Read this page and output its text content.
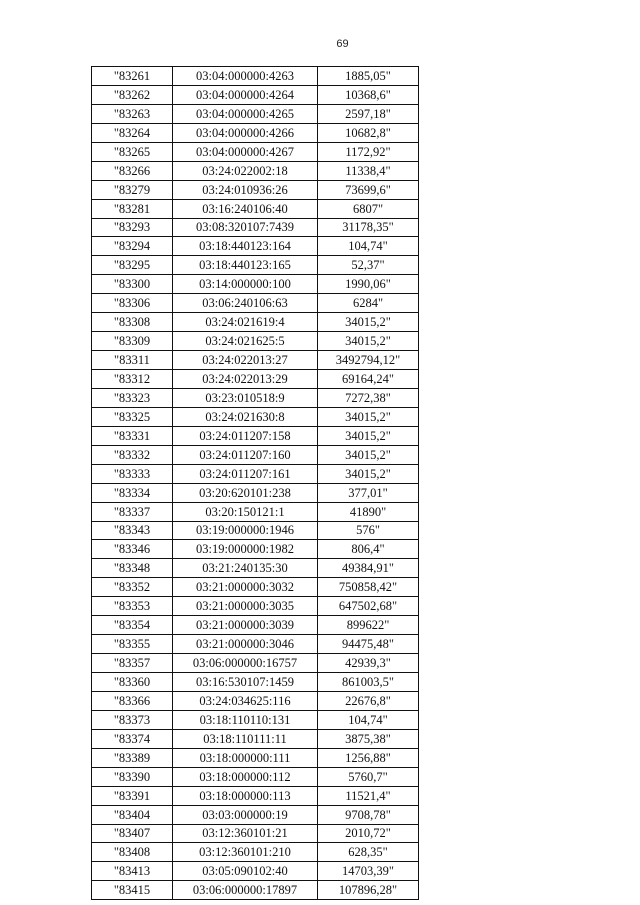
69
"83261	03:04:000000:4263	1885,05"
"83262	03:04:000000:4264	10368,6"
"83263	03:04:000000:4265	2597,18"
"83264	03:04:000000:4266	10682,8"
"83265	03:04:000000:4267	1172,92"
"83266	03:24:022002:18	11338,4"
"83279	03:24:010936:26	73699,6"
"83281	03:16:240106:40	6807"
"83293	03:08:320107:7439	31178,35"
"83294	03:18:440123:164	104,74"
"83295	03:18:440123:165	52,37"
"83300	03:14:000000:100	1990,06"
"83306	03:06:240106:63	6284"
"83308	03:24:021619:4	34015,2"
"83309	03:24:021625:5	34015,2"
"83311	03:24:022013:27	3492794,12"
"83312	03:24:022013:29	69164,24"
"83323	03:23:010518:9	7272,38"
"83325	03:24:021630:8	34015,2"
"83331	03:24:011207:158	34015,2"
"83332	03:24:011207:160	34015,2"
"83333	03:24:011207:161	34015,2"
"83334	03:20:620101:238	377,01"
"83337	03:20:150121:1	41890"
"83343	03:19:000000:1946	576"
"83346	03:19:000000:1982	806,4"
"83348	03:21:240135:30	49384,91"
"83352	03:21:000000:3032	750858,42"
"83353	03:21:000000:3035	647502,68"
"83354	03:21:000000:3039	899622"
"83355	03:21:000000:3046	94475,48"
"83357	03:06:000000:16757	42939,3"
"83360	03:16:530107:1459	861003,5"
"83366	03:24:034625:116	22676,8"
"83373	03:18:110110:131	104,74"
"83374	03:18:110111:11	3875,38"
"83389	03:18:000000:111	1256,88"
"83390	03:18:000000:112	5760,7"
"83391	03:18:000000:113	11521,4"
"83404	03:03:000000:19	9708,78"
"83407	03:12:360101:21	2010,72"
"83408	03:12:360101:210	628,35"
"83413	03:05:090102:40	14703,39"
"83415	03:06:000000:17897	107896,28"
